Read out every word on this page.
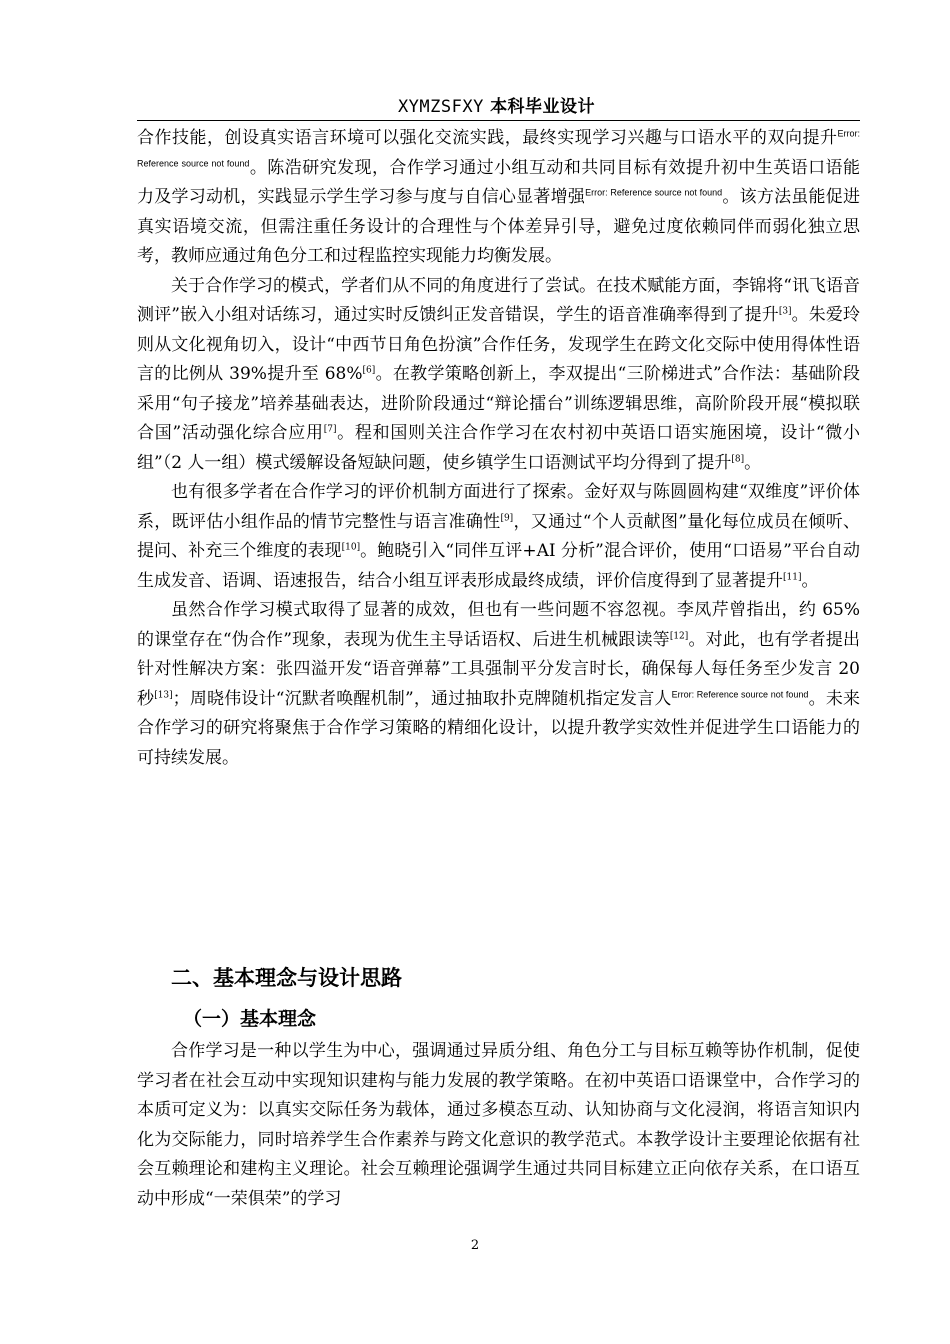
XYMZSFXY 本科毕业设计

合作技能，创设真实语言环境可以强化交流实践，最终实现学习兴趣与口语水平的双向提升$^{Error: Reference source not found}$。陈浩研究发现，合作学习通过小组互动和共同目标有效提升初中生英语口语能力及学习动机，实践显示学生学习参与度与自信心显著增强$^{Error: Reference source not found}$。该方法虽能促进真实语境交流，但需注重任务设计的合理性与个体差异引导，避免过度依赖同伴而弱化独立思考，教师应通过角色分工和过程监控实现能力均衡发展。

关于合作学习的模式，学者们从不同的角度进行了尝试。在技术赋能方面，李锦将“讯飞语音测评”嵌入小组对话练习，通过实时反馈纠正发音错误，学生的语音准确率得到了提升[3]。朱爱玲则从文化视角切入，设计“中西节日角色扮演”合作任务，发现学生在跨文化交际中使用得体性语言的比例从 39%提升至 68%[6]。在教学策略创新上，李双提出“三阶梯进式”合作法：基础阶段采用“句子接龙”培养基础表达，进阶阶段通过“辩论擂台”训练逻辑思维，高阶阶段开展“模拟联合国”活动强化综合应用[7]。程和国则关注合作学习在农村初中英语口语实施困境，设计“微小组”（2 人一组）模式缓解设备短缺问题，使乡镇学生口语测试平均分得到了提升[8]。

也有很多学者在合作学习的评价机制方面进行了探索。金好双与陈圆圆构建“双维度”评价体系，既评估小组作品的情节完整性与语言准确性[9]，又通过“个人贡献图”量化每位成员在倾听、提问、补充三个维度的表现[10]。鲍晓引入“同伴互评+AI 分析”混合评价，使用“口语易”平台自动生成发音、语调、语速报告，结合小组互评表形成最终成绩，评价信度得到了显著提升[11]。

虽然合作学习模式取得了显著的成效，但也有一些问题不容忽视。李凤芹曾指出，约 65%的课堂存在“伪合作”现象，表现为优生主导话语权、后进生机械跟读等[12]。对此，也有学者提出针对性解决方案：张四溢开发“语音弹幕”工具强制平分发言时长，确保每人每任务至少发言 20 秒[13]；周晓伟设计“沉默者唤醒机制”，通过抽取扑克牌随机指定发言人$^{Error: Reference source not found}$。未来合作学习的研究将聚焦于合作学习策略的精细化设计，以提升教学实效性并促进学生口语能力的可持续发展。

二、基本理念与设计思路
（一）基本理念

合作学习是一种以学生为中心，强调通过异质分组、角色分工与目标互赖等协作机制，促使学习者在社会互动中实现知识建构与能力发展的教学策略。在初中英语口语课堂中，合作学习的本质可定义为：以真实交际任务为载体，通过多模态互动、认知协商与文化浸润，将语言知识内化为交际能力，同时培养学生合作素养与跨文化意识的教学范式。本教学设计主要理论依据有社会互赖理论和建构主义理论。社会互赖理论强调学生通过共同目标建立正向依存关系，在口语互动中形成“一荣俱荣”的学习

2
